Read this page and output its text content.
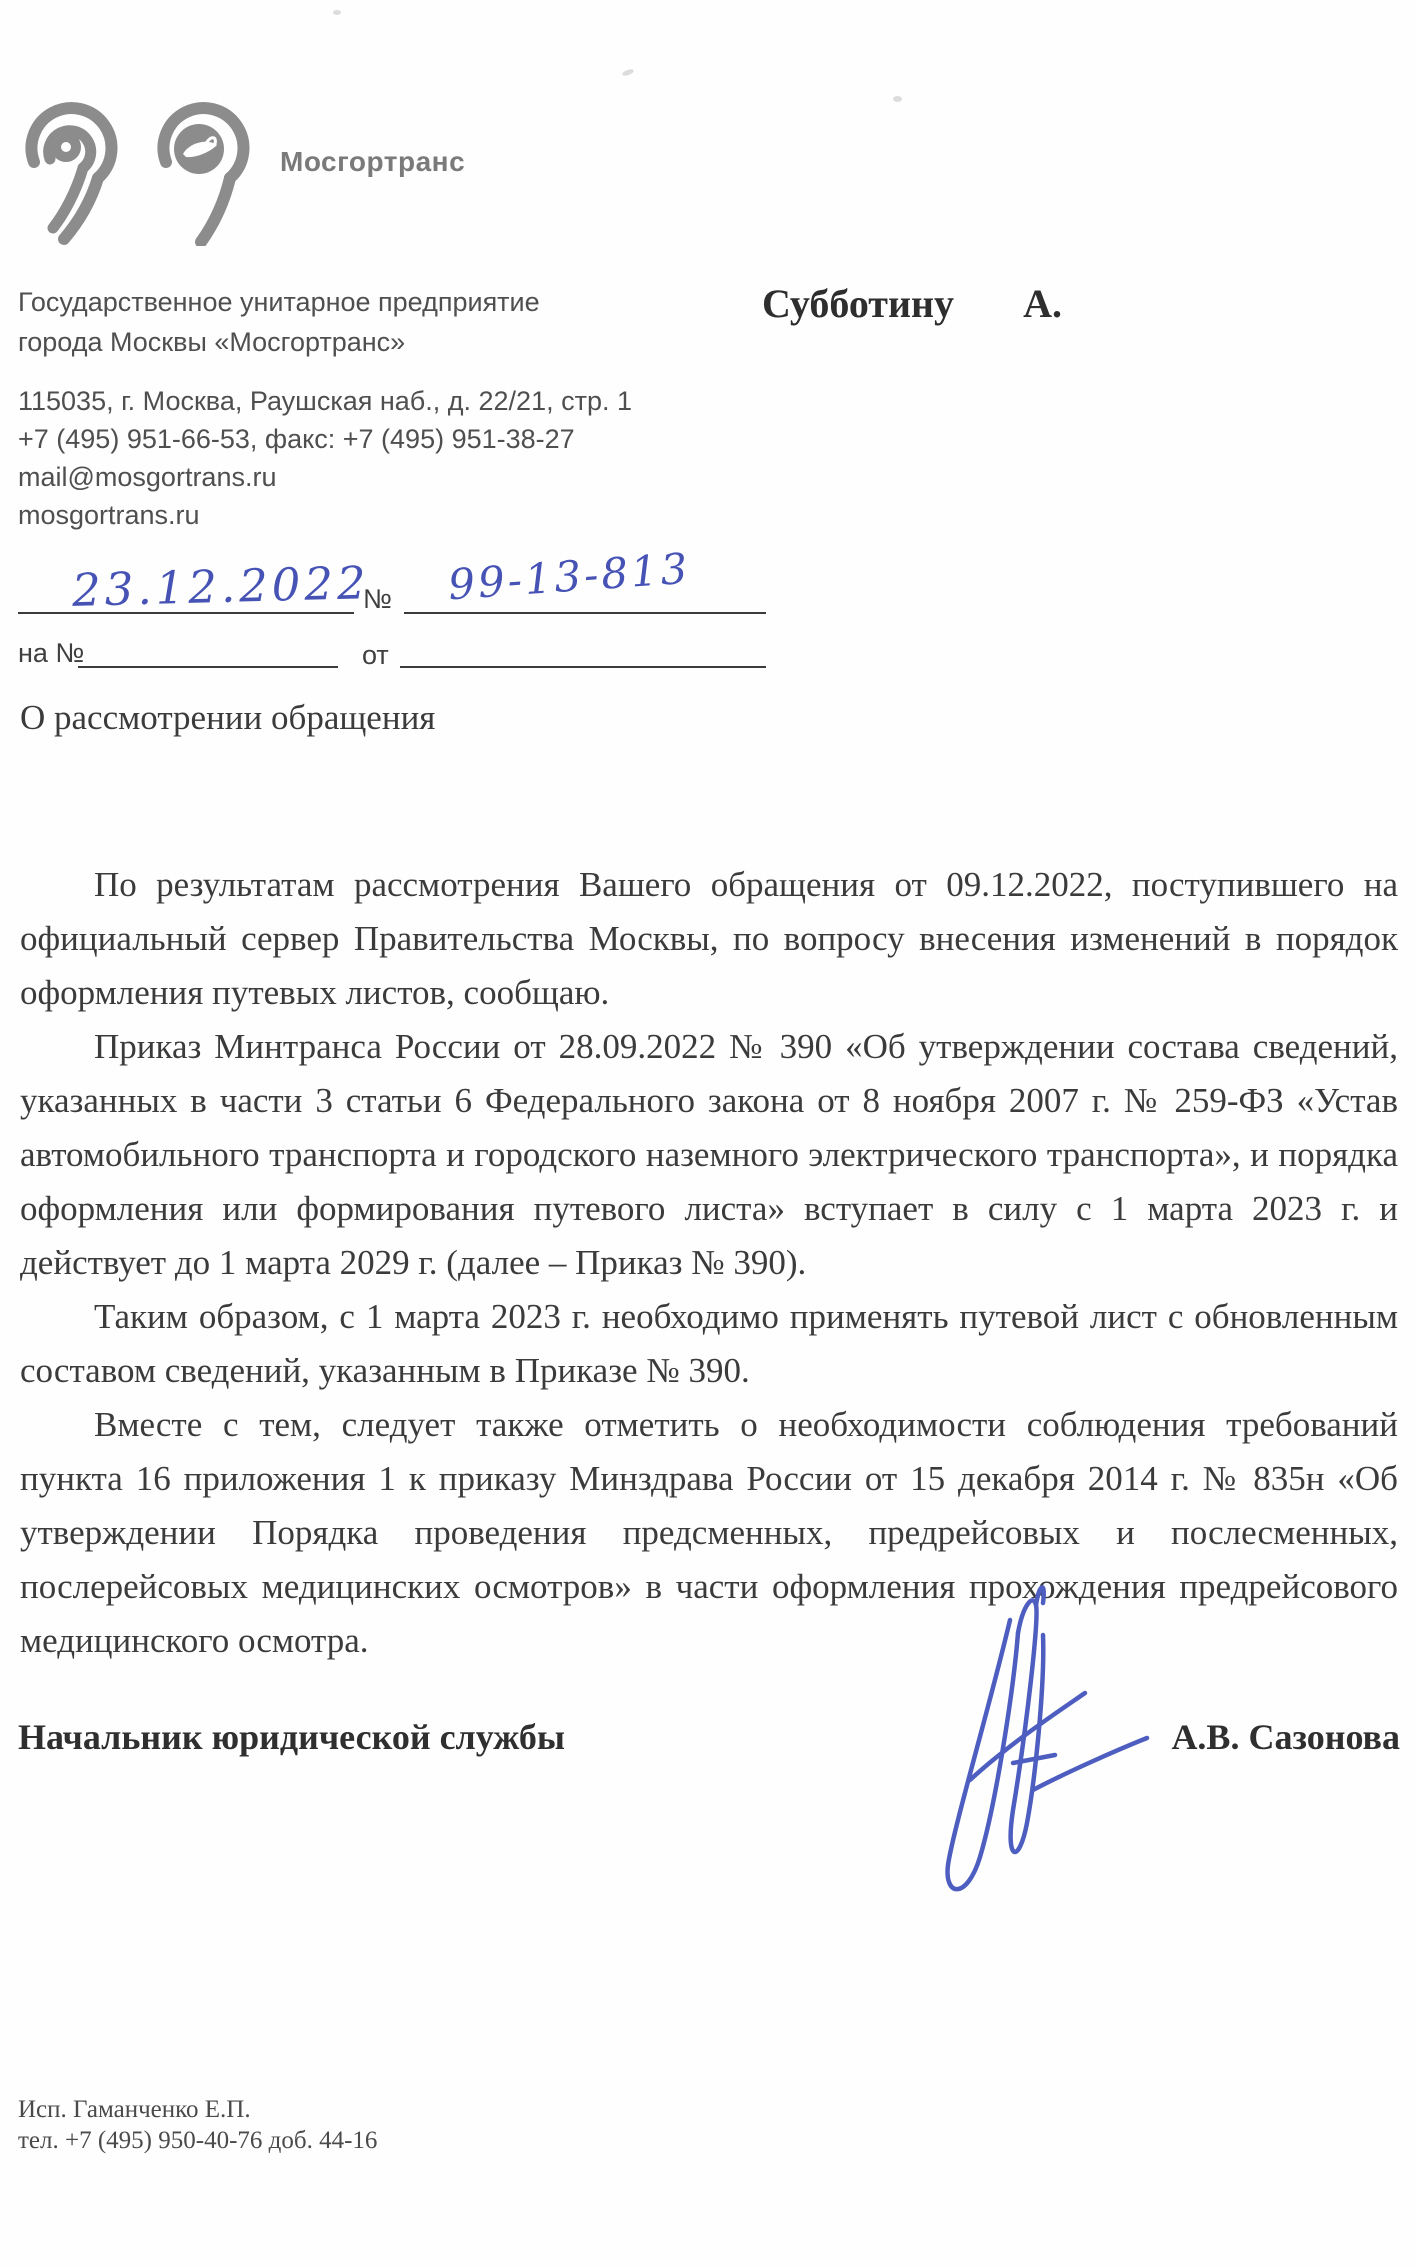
Мосгортранс
Государственное унитарное предприятие
города Москвы «Мосгортранс»
115035, г. Москва, Раушская наб., д. 22/21, стр. 1
+7 (495) 951-66-53, факс: +7 (495) 951-38-27
mail@mosgortrans.ru
mosgortrans.ru
Субботину А.
23.12.2022
№ 99-13-813
на №	от
О рассмотрении обращения

По результатам рассмотрения Вашего обращения от 09.12.2022, поступившего на официальный сервер Правительства Москвы, по вопросу внесения изменений в порядок оформления путевых листов, сообщаю.

Приказ Минтранса России от 28.09.2022 № 390 «Об утверждении состава сведений, указанных в части 3 статьи 6 Федерального закона от 8 ноября 2007 г. № 259-ФЗ «Устав автомобильного транспорта и городского наземного электрического транспорта», и порядка оформления или формирования путевого листа» вступает в силу с 1 марта 2023 г. и действует до 1 марта 2029 г. (далее – Приказ № 390).

Таким образом, с 1 марта 2023 г. необходимо применять путевой лист с обновленным составом сведений, указанным в Приказе № 390.

Вместе с тем, следует также отметить о необходимости соблюдения требований пункта 16 приложения 1 к приказу Минздрава России от 15 декабря 2014 г. № 835н «Об утверждении Порядка проведения предсменных, предрейсовых и послесменных, послерейсовых медицинских осмотров» в части оформления прохождения предрейсового медицинского осмотра.

Начальник юридической службы	А.В. Сазонова
Исп. Гаманченко Е.П.
тел. +7 (495) 950-40-76 доб. 44-16
